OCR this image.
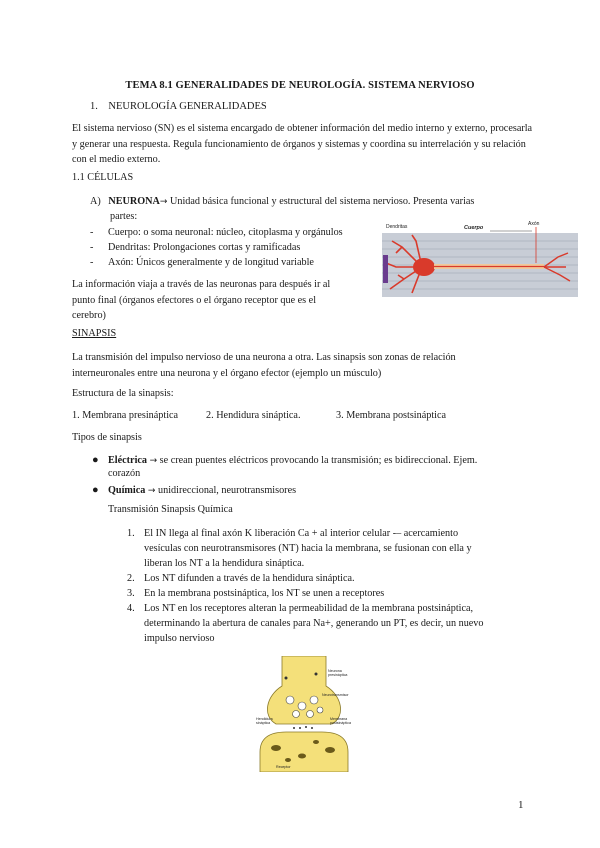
TEMA 8.1 GENERALIDADES DE NEUROLOGÍA. SISTEMA NERVIOSO
1. NEUROLOGÍA GENERALIDADES
El sistema nervioso (SN) es el sistema encargado de obtener información del medio interno y externo, procesarla y generar una respuesta. Regula funcionamiento de órganos y sistemas y coordina su interrelación y su relación con el medio externo.
1.1 CÉLULAS
A) NEURONA→ Unidad básica funcional y estructural del sistema nervioso. Presenta varias
partes:
- Cuerpo: o soma neuronal: núcleo, citoplasma y orgánulos
- Dendritas: Prolongaciones cortas y ramificadas
- Axón: Únicos generalmente y de longitud variable
La información viaja a través de las neuronas para después ir al
punto final (órganos efectores o el órgano receptor que es el
cerebro)
Dendritas	Cuerpo
Axón
SINAPSIS
La transmisión del impulso nervioso de una neurona a otra. Las sinapsis son zonas de relación
interneuronales entre una neurona y el órgano efector (ejemplo un músculo)
Estructura de la sinapsis:
1. Membrana presináptica	2. Hendidura sináptica.	3. Membrana postsináptica
Tipos de sinapsis
● Eléctrica → se crean puentes eléctricos provocando la transmisión; es bidireccional. Ejem.
corazón
● Química → unidireccional, neurotransmisores
Transmisión Sinapsis Química
1. El IN llega al final axón K liberación Ca + al interior celular -– acercamiento
vesículas con neurotransmisores (NT) hacia la membrana, se fusionan con ella y
liberan los NT a la hendidura sináptica.
2. Los NT difunden a través de la hendidura sináptica.
3. En la membrana postsináptica, los NT se unen a receptores
4. Los NT en los receptores alteran la permeabilidad de la membrana postsináptica,
determinando la abertura de canales para Na+, generando un PT, es decir, un nuevo
impulso nervioso
Neurona
presináptica
Neurotransmisor
Hendidura
sináptica
Membrana
postsináptica
Receptor
1
